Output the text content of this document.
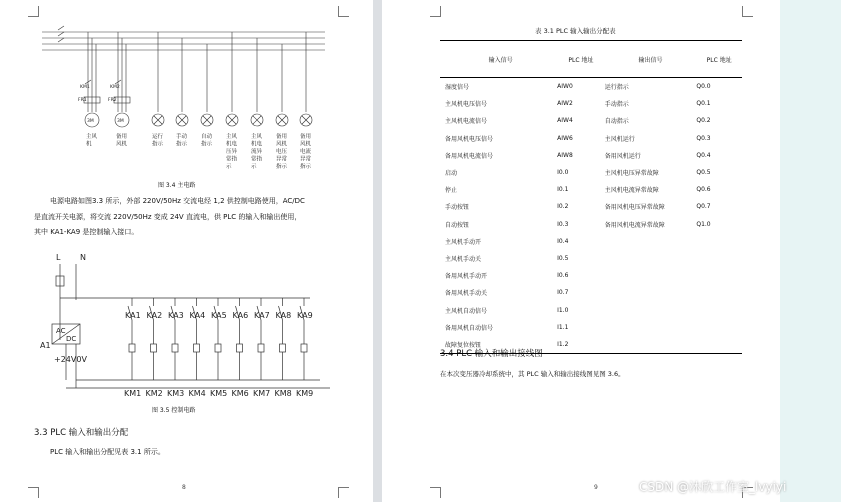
FR1	FR2
KM1	KM2
3M	3M
主风机
备用风机
运行指示
手动指示
自动指示
主风机电压异常指示
主风机电流异常指示
备用风机电压异常指示
备用风机电流异常指示
图 3.4 主电路
电源电路如图3.3 所示，外部 220V/50Hz 交流电经 1,2 供控制电路使用，AC/DC
是直流开关电源，将交流 220V/50Hz 变成 24V 直流电，供 PLC 的输入和输出使用，
其中 KA1-KA9 是控制输入接口。
L N
AC
DC
A1
+24V0V
KA1 KA2 KA3 KA4 KA5 KA6 KA7 KA8 KA9
KM1 KM2 KM3 KM4 KM5 KM6 KM7 KM8 KM9
图 3.5 控制电路
3.3 PLC 输入和输出分配
PLC 输入和输出分配见表 3.1 所示。
8
表 3.1 PLC 输入输出分配表
3.4 PLC 输入和输出接线图
在本次变压器冷却系统中，其 PLC 输入和输出接线图见图 3.6。
9
输入信号	PLC 地址	输出信号	PLC 地址
湿度信号	AIW0	运行指示	Q0.0
主风机电压信号	AIW2	手动指示	Q0.1
主风机电流信号	AIW4	自动指示	Q0.2
备用风机电压信号	AIW6	主风机运行	Q0.3
备用风机电流信号	AIW8	备用风机运行	Q0.4
启动	I0.0	主风机电压异常故障	Q0.5
停止	I0.1	主风机电流异常故障	Q0.6
手动按钮	I0.2	备用风机电压异常故障	Q0.7
自动按钮	I0.3	备用风机电流异常故障	Q1.0
主风机手动开	I0.4		
主风机手动关	I0.5		
备用风机手动开	I0.6		
备用风机手动关	I0.7		
主风机自动信号	I1.0		
备用风机自动信号	I1.1		
故障复位按钮	I1.2		
CSDN @沐欣工作室_lvyiyi
